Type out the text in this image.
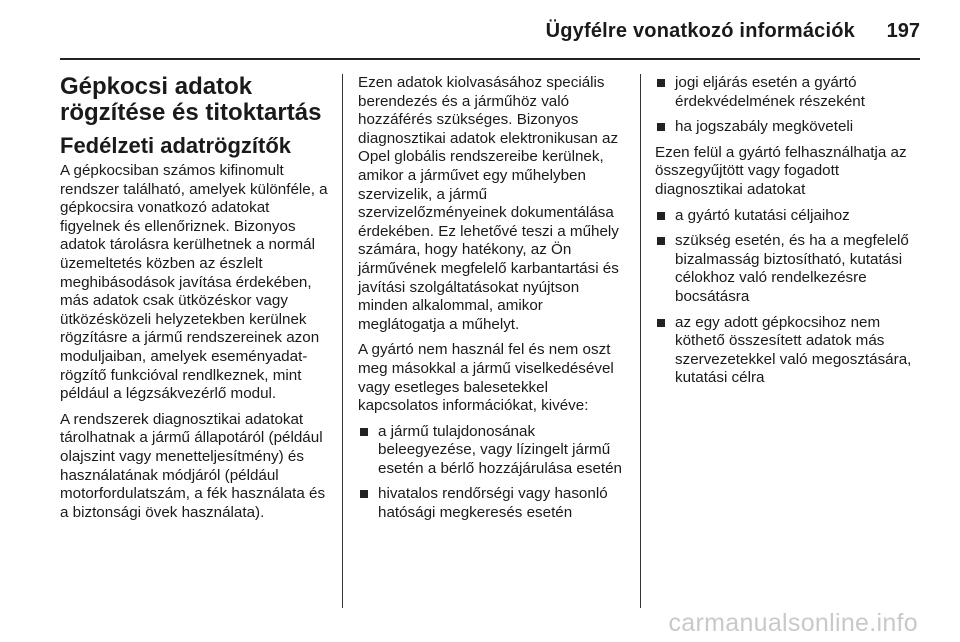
Ügyfélre vonatkozó információk 197
Gépkocsi adatok rögzítése és titoktartás
Fedélzeti adatrögzítők

A gépkocsiban számos kifinomult rendszer található, amelyek különféle, a gépkocsira vonatkozó adatokat figyelnek és ellenőriznek. Bizonyos adatok tárolásra kerülhetnek a normál üzemeltetés közben az észlelt meghibásodások javítása érdekében, más adatok csak ütközéskor vagy ütközésközeli helyzetekben kerülnek rögzításre a jármű rendszereinek azon moduljaiban, amelyek eseményadat-rögzítő funkcióval rendlkeznek, mint például a légzsákvezérlő modul.

A rendszerek diagnosztikai adatokat tárolhatnak a jármű állapotáról (például olajszint vagy menetteljesítmény) és használatának módjáról (például motorfordulatszám, a fék használata és a biztonsági övek használata).

Ezen adatok kiolvasásához speciális berendezés és a járműhöz való hozzáférés szükséges. Bizonyos diagnosztikai adatok elektronikusan az Opel globális rendszereibe kerülnek, amikor a járművet egy műhelyben szervizelik, a jármű szervizelőzményeinek dokumentálása érdekében. Ez lehetővé teszi a műhely számára, hogy hatékony, az Ön járművének megfelelő karbantartási és javítási szolgáltatásokat nyújtson minden alkalommal, amikor meglátogatja a műhelyt.

A gyártó nem használ fel és nem oszt meg másokkal a jármű viselkedésével vagy esetleges balesetekkel kapcsolatos információkat, kivéve:

a jármű tulajdonosának beleegyezése, vagy lízingelt jármű esetén a bérlő hozzájárulása esetén
hivatalos rendőrségi vagy hasonló hatósági megkeresés esetén
jogi eljárás esetén a gyártó érdekvédelmének részeként
ha jogszabály megköveteli

Ezen felül a gyártó felhasználhatja az összegyűjtött vagy fogadott diagnosztikai adatokat

a gyártó kutatási céljaihoz
szükség esetén, és ha a megfelelő bizalmasság biztosítható, kutatási célokhoz való rendelkezésre bocsátásra
az egy adott gépkocsihoz nem köthető összesített adatok más szervezetekkel való megosztására, kutatási célra
carmanualsonline.info
